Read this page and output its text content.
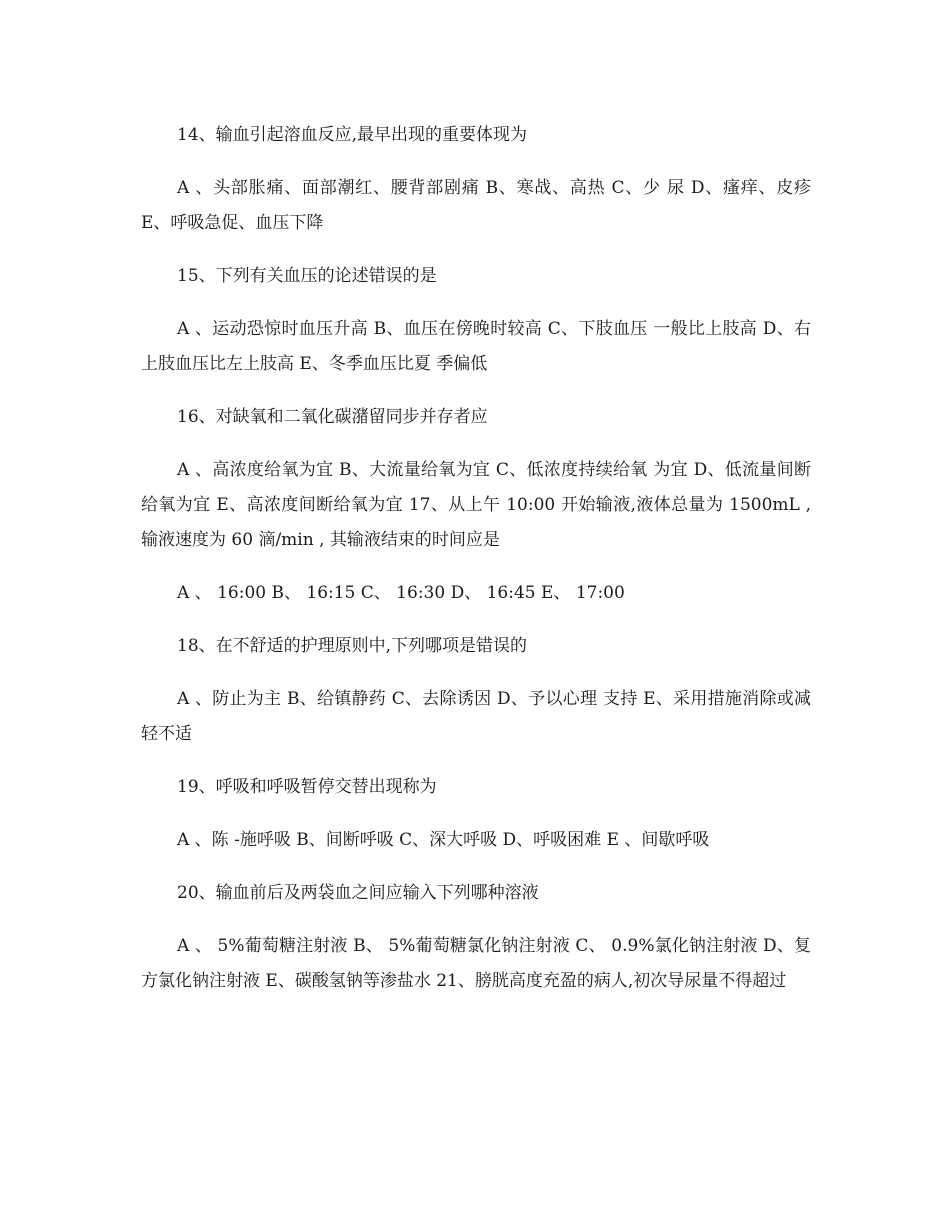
14、输血引起溶血反应,最早出现的重要体现为

A 、头部胀痛、面部潮红、腰背部剧痛 B、寒战、高热 C、少 尿 D、瘙痒、皮疹 E、呼吸急促、血压下降

15、下列有关血压的论述错误的是

A 、运动恐惊时血压升高 B、血压在傍晚时较高 C、下肢血压 一般比上肢高 D、右上肢血压比左上肢高 E、冬季血压比夏 季偏低

16、对缺氧和二氧化碳潴留同步并存者应

A 、高浓度给氧为宜 B、大流量给氧为宜 C、低浓度持续给氧 为宜 D、低流量间断给氧为宜 E、高浓度间断给氧为宜 17、从上午 10:00 开始输液,液体总量为 1500mL ,输液速度为 60 滴/min , 其输液结束的时间应是

A 、 16:00 B、 16:15 C、 16:30 D、 16:45 E、 17:00

18、在不舒适的护理原则中,下列哪项是错误的

A 、防止为主 B、给镇静药 C、去除诱因 D、予以心理 支持 E、采用措施消除或减轻不适

19、呼吸和呼吸暂停交替出现称为

A 、陈 -施呼吸 B、间断呼吸 C、深大呼吸 D、呼吸困难 E 、间歇呼吸

20、输血前后及两袋血之间应输入下列哪种溶液

A 、 5%葡萄糖注射液 B、 5%葡萄糖氯化钠注射液 C、 0.9%氯化钠注射液 D、复方氯化钠注射液 E、碳酸氢钠等渗盐水 21、膀胱高度充盈的病人,初次导尿量不得超过
